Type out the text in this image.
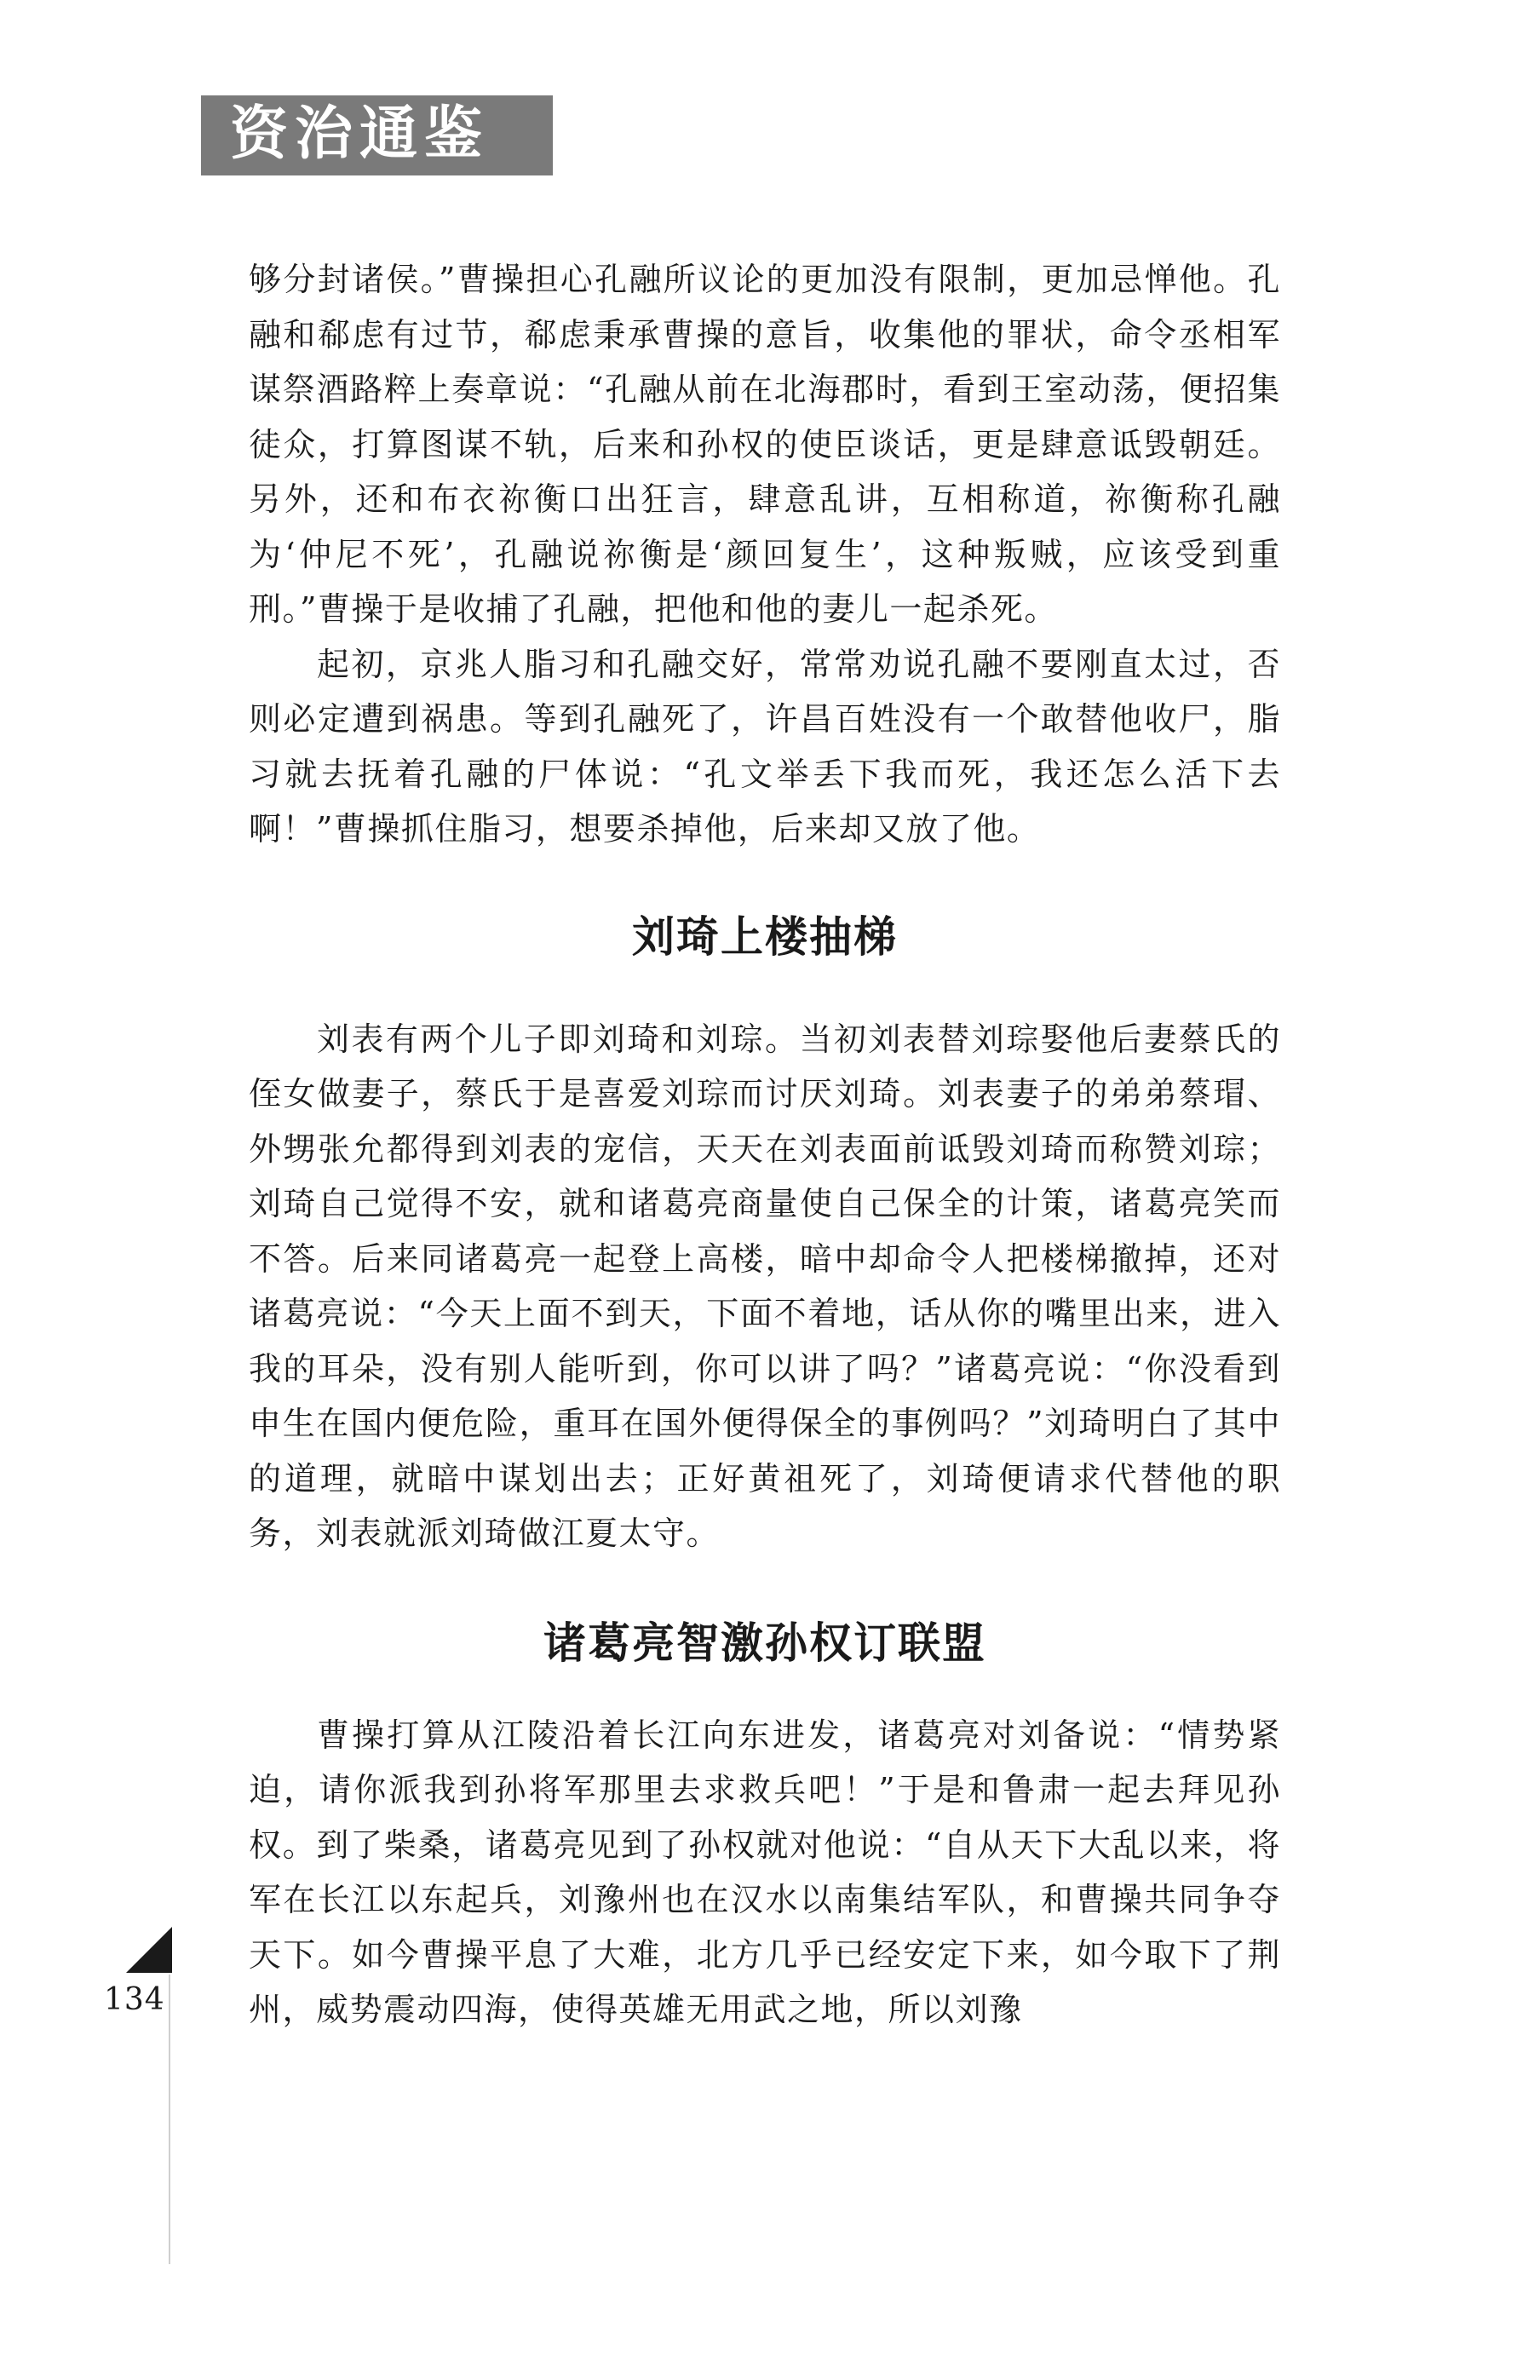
资治通鉴

够分封诸侯。”曹操担心孔融所议论的更加没有限制，更加忌惮他。孔融和郗虑有过节，郗虑秉承曹操的意旨，收集他的罪状，命令丞相军谋祭酒路粹上奏章说：“孔融从前在北海郡时，看到王室动荡，便招集徒众，打算图谋不轨，后来和孙权的使臣谈话，更是肆意诋毁朝廷。另外，还和布衣祢衡口出狂言，肆意乱讲，互相称道，祢衡称孔融为‘仲尼不死’，孔融说祢衡是‘颜回复生’，这种叛贼，应该受到重刑。”曹操于是收捕了孔融，把他和他的妻儿一起杀死。

起初，京兆人脂习和孔融交好，常常劝说孔融不要刚直太过，否则必定遭到祸患。等到孔融死了，许昌百姓没有一个敢替他收尸，脂习就去抚着孔融的尸体说：“孔文举丢下我而死，我还怎么活下去啊！”曹操抓住脂习，想要杀掉他，后来却又放了他。

刘琦上楼抽梯

刘表有两个儿子即刘琦和刘琮。当初刘表替刘琮娶他后妻蔡氏的侄女做妻子，蔡氏于是喜爱刘琮而讨厌刘琦。刘表妻子的弟弟蔡瑁、外甥张允都得到刘表的宠信，天天在刘表面前诋毁刘琦而称赞刘琮；刘琦自己觉得不安，就和诸葛亮商量使自己保全的计策，诸葛亮笑而不答。后来同诸葛亮一起登上高楼，暗中却命令人把楼梯撤掉，还对诸葛亮说：“今天上面不到天，下面不着地，话从你的嘴里出来，进入我的耳朵，没有别人能听到，你可以讲了吗？”诸葛亮说：“你没看到申生在国内便危险，重耳在国外便得保全的事例吗？”刘琦明白了其中的道理，就暗中谋划出去；正好黄祖死了，刘琦便请求代替他的职务，刘表就派刘琦做江夏太守。

诸葛亮智激孙权订联盟

曹操打算从江陵沿着长江向东进发，诸葛亮对刘备说：“情势紧迫，请你派我到孙将军那里去求救兵吧！”于是和鲁肃一起去拜见孙权。到了柴桑，诸葛亮见到了孙权就对他说：“自从天下大乱以来，将军在长江以东起兵，刘豫州也在汉水以南集结军队，和曹操共同争夺天下。如今曹操平息了大难，北方几乎已经安定下来，如今取下了荆州，威势震动四海，使得英雄无用武之地，所以刘豫

134
